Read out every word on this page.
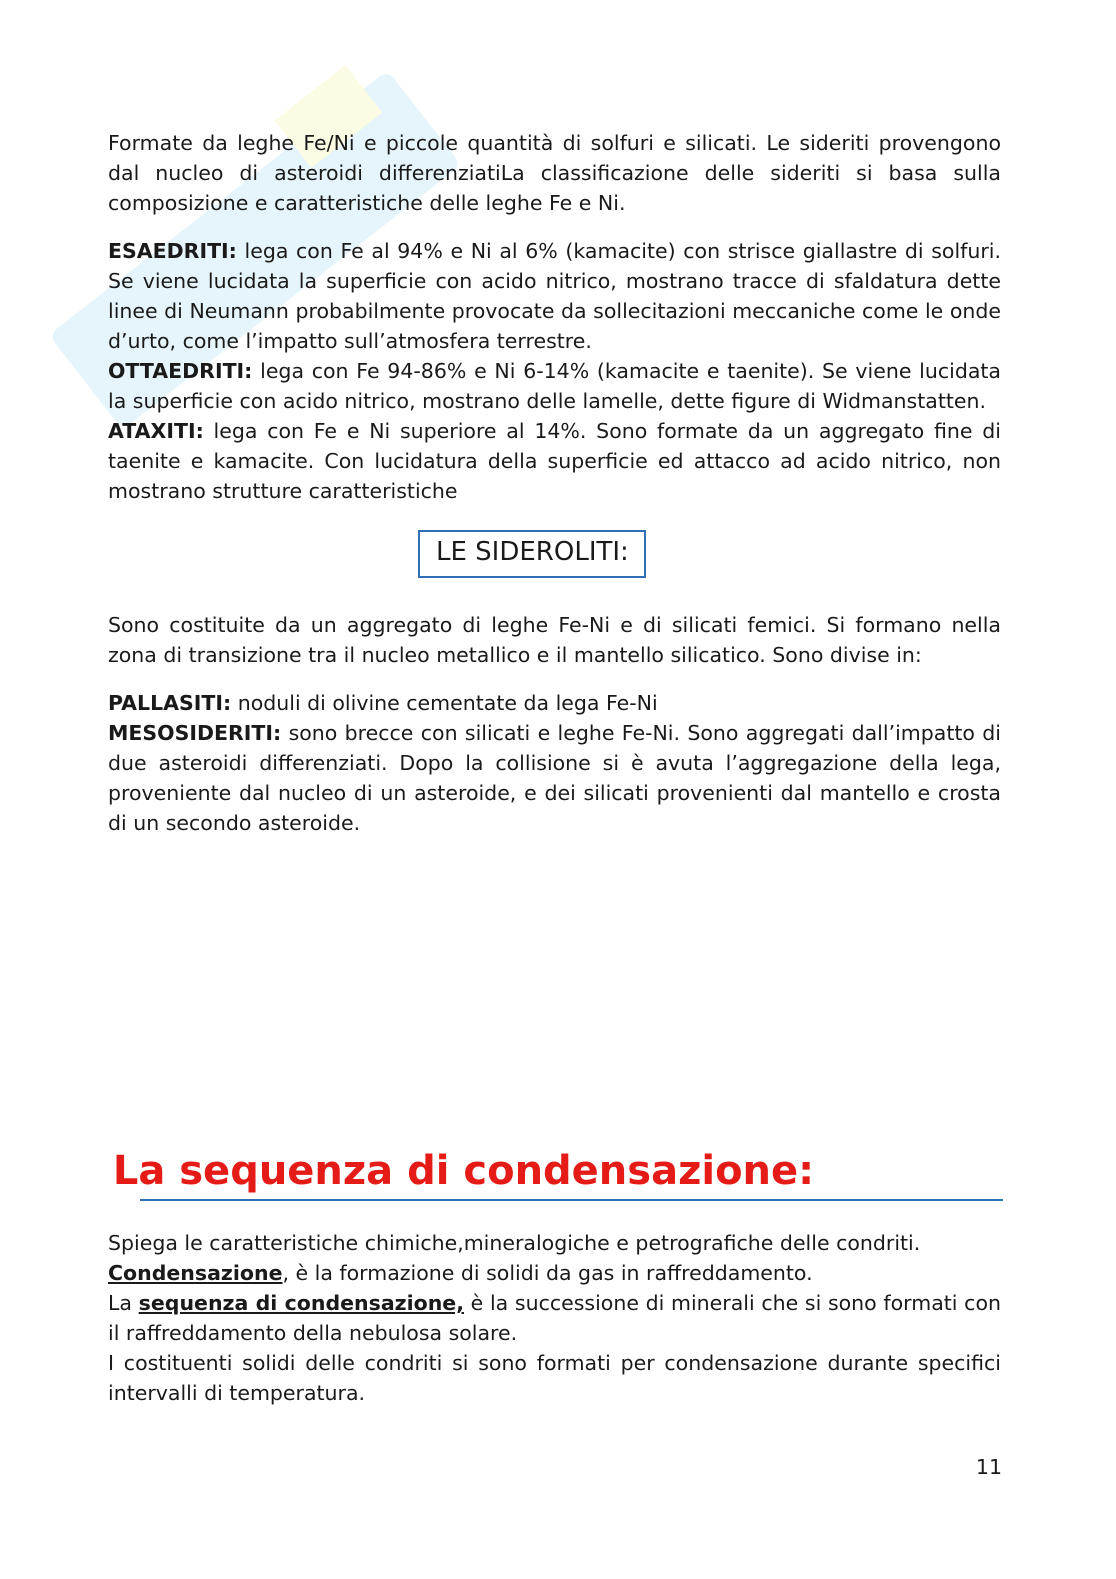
Formate da leghe Fe/Ni e piccole quantità di solfuri e silicati. Le sideriti provengono dal nucleo di asteroidi differenziatiLa classificazione delle sideriti si basa sulla composizione e caratteristiche delle leghe Fe e Ni.

ESAEDRITI: lega con Fe al 94% e Ni al 6% (kamacite) con strisce giallastre di solfuri. Se viene lucidata la superficie con acido nitrico, mostrano tracce di sfaldatura dette linee di Neumann probabilmente provocate da sollecitazioni meccaniche come le onde d’urto, come l’impatto sull’atmosfera terrestre.

OTTAEDRITI: lega con Fe 94-86% e Ni 6-14% (kamacite e taenite). Se viene lucidata la superficie con acido nitrico, mostrano delle lamelle, dette figure di Widmanstatten.

ATAXITI: lega con Fe e Ni superiore al 14%. Sono formate da un aggregato fine di taenite e kamacite. Con lucidatura della superficie ed attacco ad acido nitrico, non mostrano strutture caratteristiche

LE SIDEROLITI:

Sono costituite da un aggregato di leghe Fe-Ni e di silicati femici. Si formano nella zona di transizione tra il nucleo metallico e il mantello silicatico. Sono divise in:

PALLASITI: noduli di olivine cementate da lega Fe-Ni

MESOSIDERITI: sono brecce con silicati e leghe Fe-Ni. Sono aggregati dall’impatto di due asteroidi differenziati. Dopo la collisione si è avuta l’aggregazione della lega, proveniente dal nucleo di un asteroide, e dei silicati provenienti dal mantello e crosta di un secondo asteroide.

La sequenza di condensazione:

Spiega le caratteristiche chimiche,mineralogiche e petrografiche delle condriti.

Condensazione, è la formazione di solidi da gas in raffreddamento.

La sequenza di condensazione, è la successione di minerali che si sono formati con il raffreddamento della nebulosa solare.

I costituenti solidi delle condriti si sono formati per condensazione durante specifici intervalli di temperatura.

11
